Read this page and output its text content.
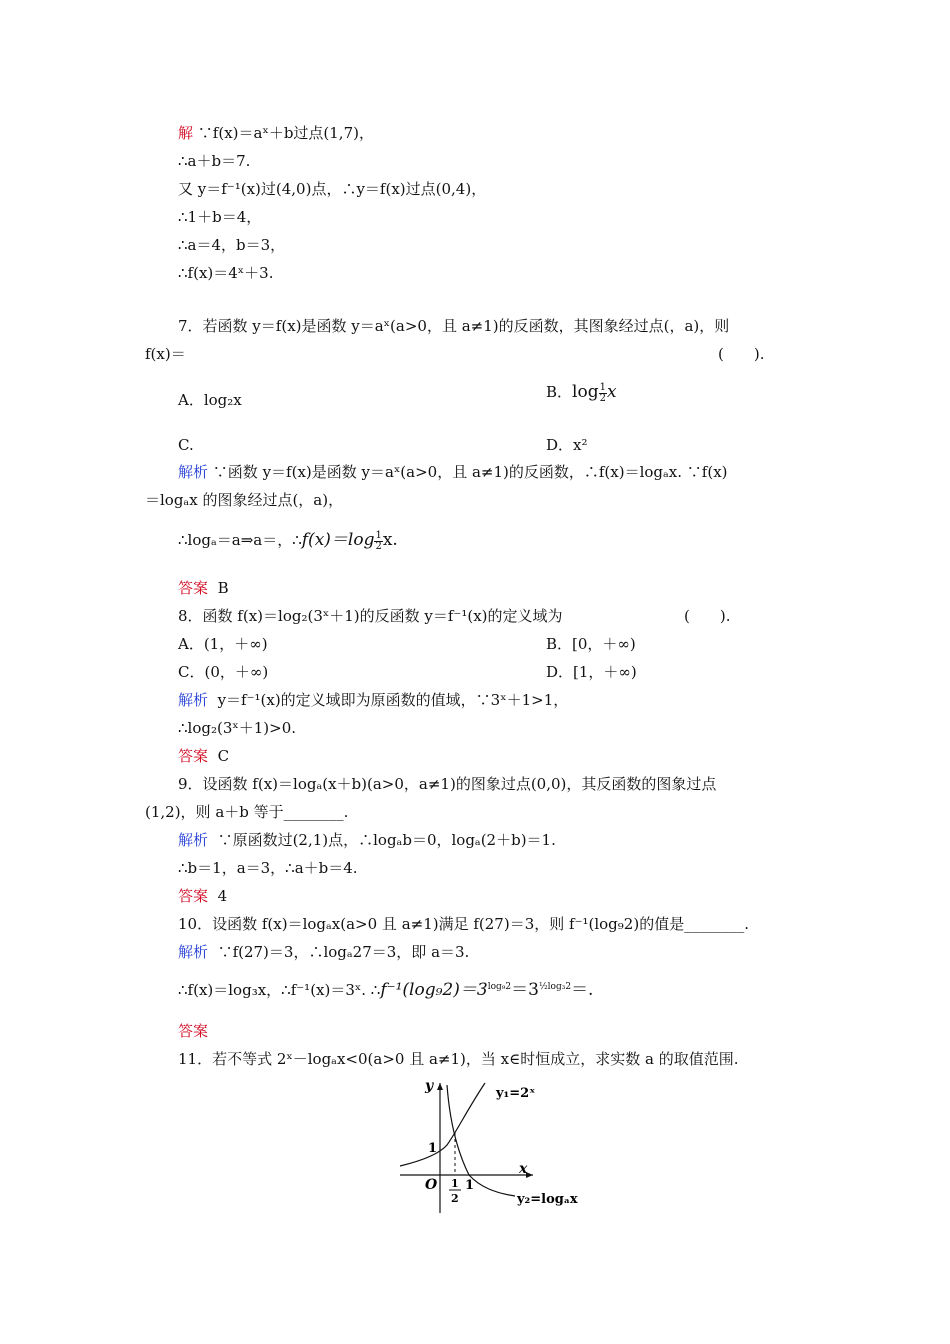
解 ∵f(x)＝aˣ＋b过点(1,7)，
∴a＋b＝7.
又 y＝f⁻¹(x)过(4,0)点，∴y＝f(x)过点(0,4)，
∴1＋b＝4，
∴a＝4，b＝3，
∴f(x)＝4ˣ＋3.
7．若函数 y＝f(x)是函数 y＝aˣ(a>0，且 a≠1)的反函数，其图象经过点(，a)，则
f(x)＝	(　　).
A．log₂x	B．$\log \frac{1}{2}$ x
C.	D．x²
解析 ∵函数 y＝f(x)是函数 y＝aˣ(a>0，且 a≠1)的反函数，∴f(x)＝logₐx. ∵f(x)
＝logₐx 的图象经过点(，a)，
∴logₐ＝a⇒a＝，∴f(x)＝log $\frac{1}{2} x$.
答案 B
8．函数 f(x)＝log₂(3ˣ＋1)的反函数 y＝f⁻¹(x)的定义域为	(　　).
A．(1，＋∞)	B．[0，＋∞)
C．(0，＋∞)	D．[1，＋∞)
解析 y＝f⁻¹(x)的定义域即为原函数的值域，∵3ˣ＋1>1，
∴log₂(3ˣ＋1)>0.
答案 C
9．设函数 f(x)＝logₐ(x＋b)(a>0，a≠1)的图象过点(0,0)，其反函数的图象过点
(1,2)，则 a＋b 等于________.
解析 ∵原函数过(2,1)点，∴logₐb＝0，logₐ(2＋b)＝1.
∴b＝1，a＝3，∴a＋b＝4.
答案 4
10．设函数 f(x)＝logₐx(a>0 且 a≠1)满足 f(27)＝3，则 f⁻¹(log₉2)的值是________.
解析 ∵f(27)＝3，∴logₐ27＝3，即 a＝3.
∴f(x)＝log₃x，∴f⁻¹(x)＝3ˣ. $\therefore f^{-1}(\log_92)=3^{log_92}=3^{\frac{1}{2}log_32}=$.
答案
11．若不等式 2ˣ－logₐx<0(a>0 且 a≠1)，当 x∈时恒成立，求实数 a 的取值范围.
y
x
O
1
1
1
2
y₁=2ˣ
y₂=logₐx
